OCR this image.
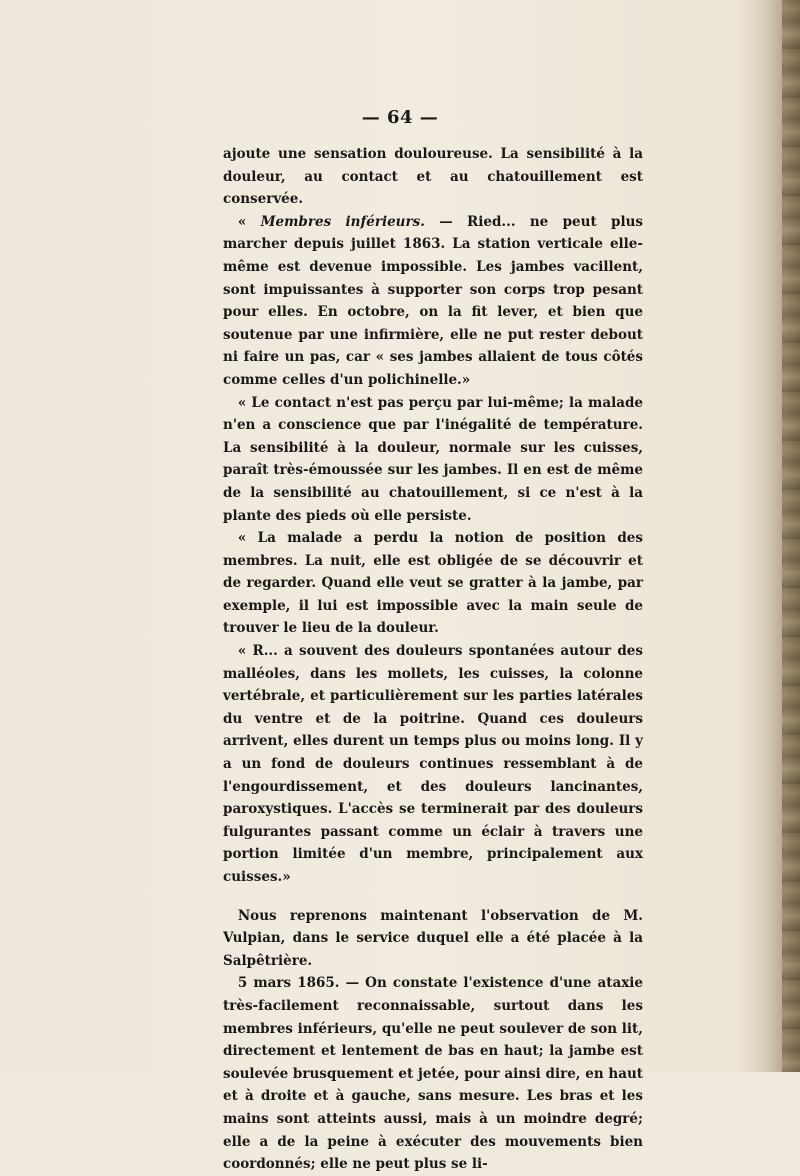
— 64 —

ajoute une sensation douloureuse. La sensibilité à la douleur, au contact et au chatouillement est conservée.

« Membres inférieurs. — Ried... ne peut plus marcher depuis juillet 1863. La station verticale elle-même est devenue impossible. Les jambes vacillent, sont impuissantes à supporter son corps trop pesant pour elles. En octobre, on la fit lever, et bien que soutenue par une infirmière, elle ne put rester debout ni faire un pas, car « ses jambes allaient de tous côtés comme celles d'un polichinelle.»

« Le contact n'est pas perçu par lui-même; la malade n'en a conscience que par l'inégalité de température. La sensibilité à la douleur, normale sur les cuisses, paraît très-émoussée sur les jambes. Il en est de même de la sensibilité au chatouillement, si ce n'est à la plante des pieds où elle persiste.

« La malade a perdu la notion de position des membres. La nuit, elle est obligée de se découvrir et de regarder. Quand elle veut se gratter à la jambe, par exemple, il lui est impossible avec la main seule de trouver le lieu de la douleur.

« R... a souvent des douleurs spontanées autour des malléoles, dans les mollets, les cuisses, la colonne vertébrale, et particulièrement sur les parties latérales du ventre et de la poitrine. Quand ces douleurs arrivent, elles durent un temps plus ou moins long. Il y a un fond de douleurs continues ressemblant à de l'engourdissement, et des douleurs lancinantes, paroxystiques. L'accès se terminerait par des douleurs fulgurantes passant comme un éclair à travers une portion limitée d'un membre, principalement aux cuisses.»

Nous reprenons maintenant l'observation de M. Vulpian, dans le service duquel elle a été placée à la Salpêtrière.

5 mars 1865. — On constate l'existence d'une ataxie très-facilement reconnaissable, surtout dans les membres inférieurs, qu'elle ne peut soulever de son lit, directement et lentement de bas en haut; la jambe est soulevée brusquement et jetée, pour ainsi dire, en haut et à droite et à gauche, sans mesure. Les bras et les mains sont atteints aussi, mais à un moindre degré; elle a de la peine à exécuter des mouvements bien coordonnés; elle ne peut plus se li-
